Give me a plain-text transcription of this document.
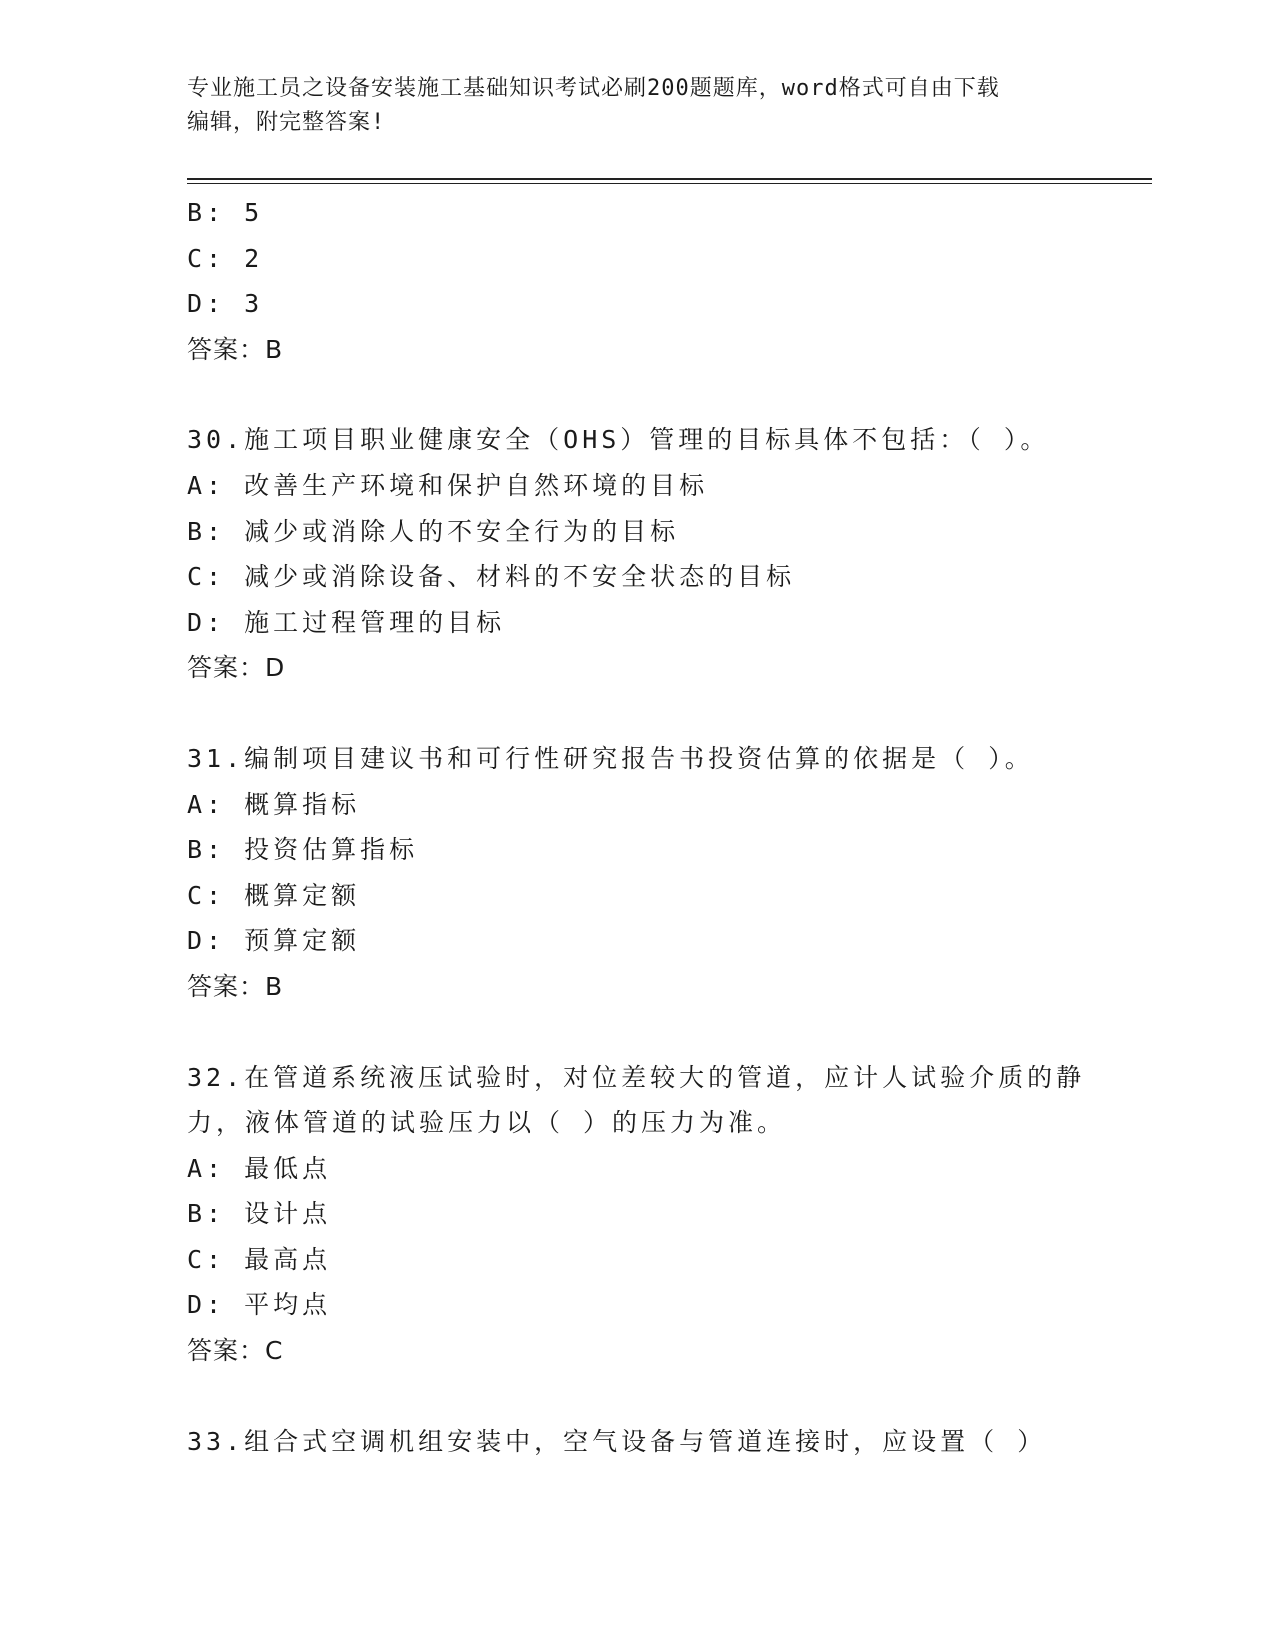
专业施工员之设备安装施工基础知识考试必刷200题题库，word格式可自由下载
编辑，附完整答案!
B: 5
C: 2
D: 3
答案：B
30.施工项目职业健康安全（OHS）管理的目标具体不包括：（ ）。
A: 改善生产环境和保护自然环境的目标
B: 减少或消除人的不安全行为的目标
C: 减少或消除设备、材料的不安全状态的目标
D: 施工过程管理的目标
答案：D
31.编制项目建议书和可行性研究报告书投资估算的依据是（ ）。
A: 概算指标
B: 投资估算指标
C: 概算定额
D: 预算定额
答案：B
32.在管道系统液压试验时，对位差较大的管道，应计人试验介质的静
力，液体管道的试验压力以（ ）的压力为准。
A: 最低点
B: 设计点
C: 最高点
D: 平均点
答案：C
33.组合式空调机组安装中，空气设备与管道连接时，应设置（ ）
